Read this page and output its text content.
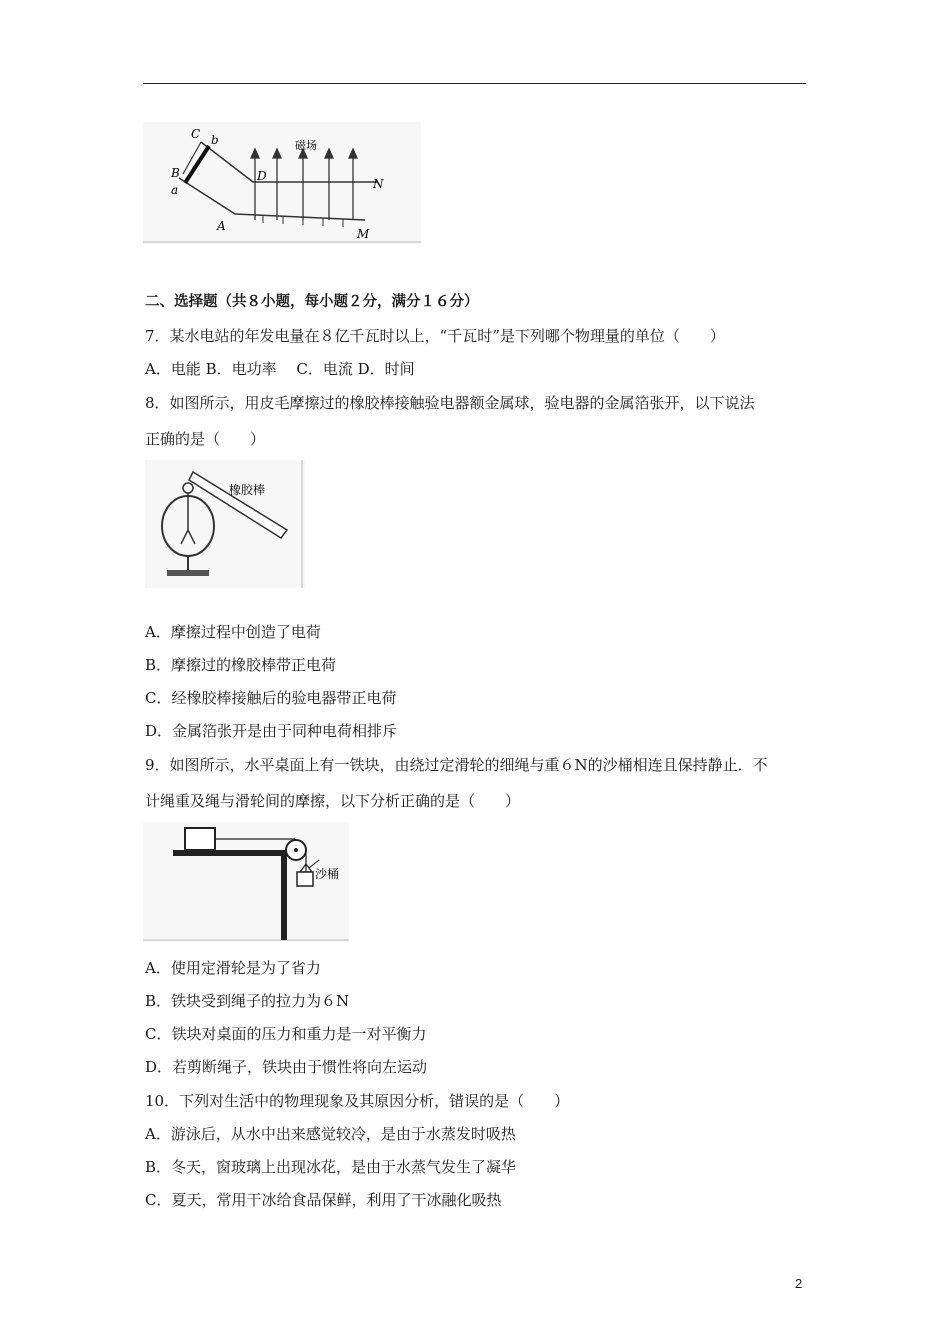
C b
B
a
D
磁场
N
A
M
二、选择题（共８小题，每小题２分，满分１６分）
7．某水电站的年发电量在８亿千瓦时以上，“千瓦时”是下列哪个物理量的单位（　　）
A．电能 B．电功率　 C．电流 D．时间
8．如图所示，用皮毛摩擦过的橡胶棒接触验电器额金属球，验电器的金属箔张开，以下说法
正确的是（　　）
橡胶棒
A．摩擦过程中创造了电荷
B．摩擦过的橡胶棒带正电荷
C．经橡胶棒接触后的验电器带正电荷
D．金属箔张开是由于同种电荷相排斥
9．如图所示，水平桌面上有一铁块，由绕过定滑轮的细绳与重６N的沙桶相连且保持静止．不
计绳重及绳与滑轮间的摩擦，以下分析正确的是（　　）
沙桶
A．使用定滑轮是为了省力
B．铁块受到绳子的拉力为６N
C．铁块对桌面的压力和重力是一对平衡力
D．若剪断绳子，铁块由于惯性将向左运动
10．下列对生活中的物理现象及其原因分析，错误的是（　　）
A．游泳后，从水中出来感觉较冷，是由于水蒸发时吸热
B．冬天，窗玻璃上出现冰花，是由于水蒸气发生了凝华
C．夏天，常用干冰给食品保鲜，利用了干冰融化吸热
2
